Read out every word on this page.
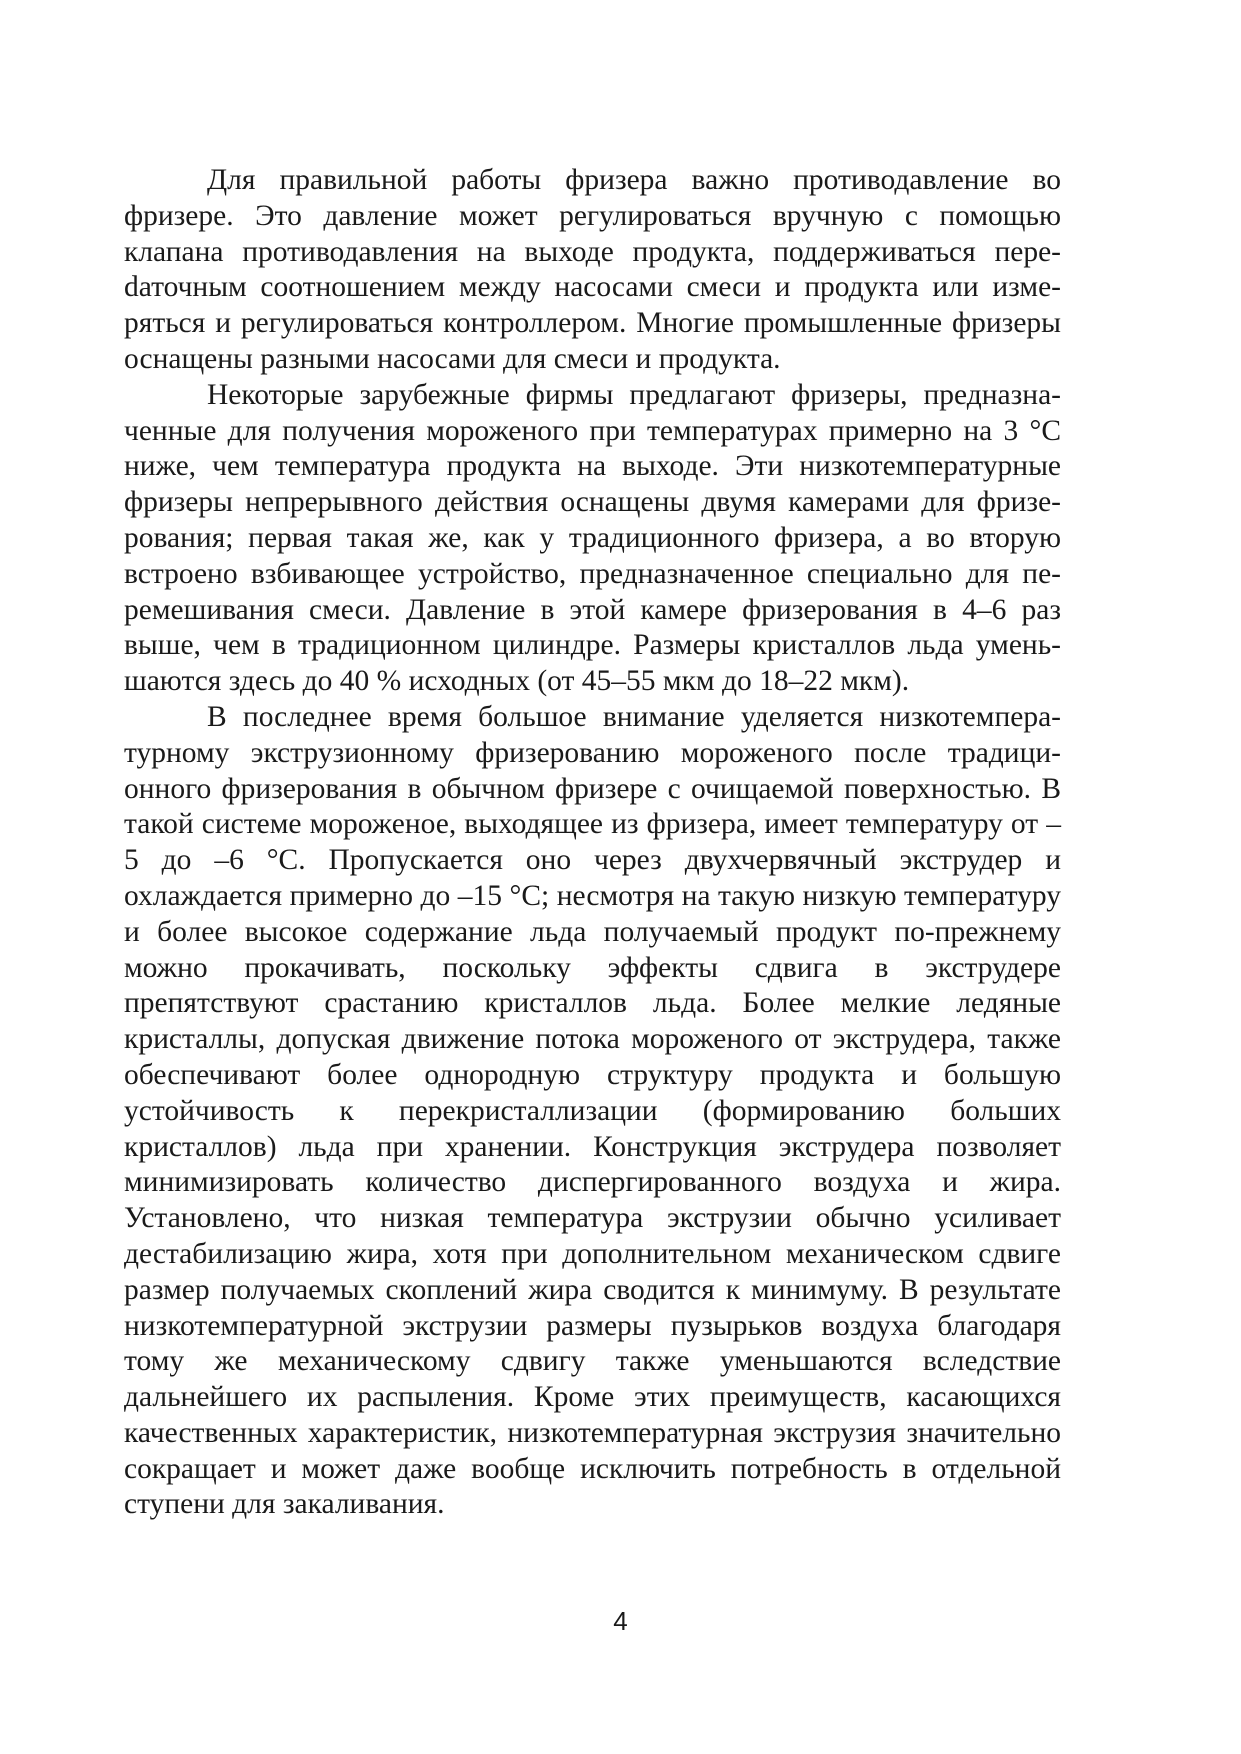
Для правильной работы фризера важно противодавление во фризере. Это давление может регулироваться вручную с помощью клапана противодавления на выходе продукта, поддерживаться переdаточным соотношением между насосами смеси и продукта или измеряться и регулироваться контроллером. Многие промышленные фризеры оснащены разными насосами для смеси и продукта.

Некоторые зарубежные фирмы предлагают фризеры, предназначенные для получения мороженого при температурах примерно на 3 °С ниже, чем температура продукта на выходе. Эти низкотемпературные фризеры непрерывного действия оснащены двумя камерами для фризерования; первая такая же, как у традиционного фризера, а во вторую встроено взбивающее устройство, предназначенное специально для перемешивания смеси. Давление в этой камере фризерования в 4–6 раз выше, чем в традиционном цилиндре. Размеры кристаллов льда уменьшаются здесь до 40 % исходных (от 45–55 мкм до 18–22 мкм).

В последнее время большое внимание уделяется низкотемпературному экструзионному фризерованию мороженого после традиционного фризерования в обычном фризере с очищаемой поверхностью. В такой системе мороженое, выходящее из фризера, имеет температуру от –5 до –6 °С. Пропускается оно через двухчервячный экструдер и охлаждается примерно до –15 °С; несмотря на такую низкую температуру и более высокое содержание льда получаемый продукт по-прежнему можно прокачивать, поскольку эффекты сдвига в экструдере препятствуют срастанию кристаллов льда. Более мелкие ледяные кристаллы, допуская движение потока мороженого от экструдера, также обеспечивают более однородную структуру продукта и большую устойчивость к перекристаллизации (формированию больших кристаллов) льда при хранении. Конструкция экструдера позволяет минимизировать количество диспергированного воздуха и жира. Установлено, что низкая температура экструзии обычно усиливает дестабилизацию жира, хотя при дополнительном механическом сдвиге размер получаемых скоплений жира сводится к минимуму. В результате низкотемпературной экструзии размеры пузырьков воздуха благодаря тому же механическому сдвигу также уменьшаются вследствие дальнейшего их распыления. Кроме этих преимуществ, касающихся качественных характеристик, низкотемпературная экструзия значительно сокращает и может даже вообще исключить потребность в отдельной ступени для закаливания.

4
